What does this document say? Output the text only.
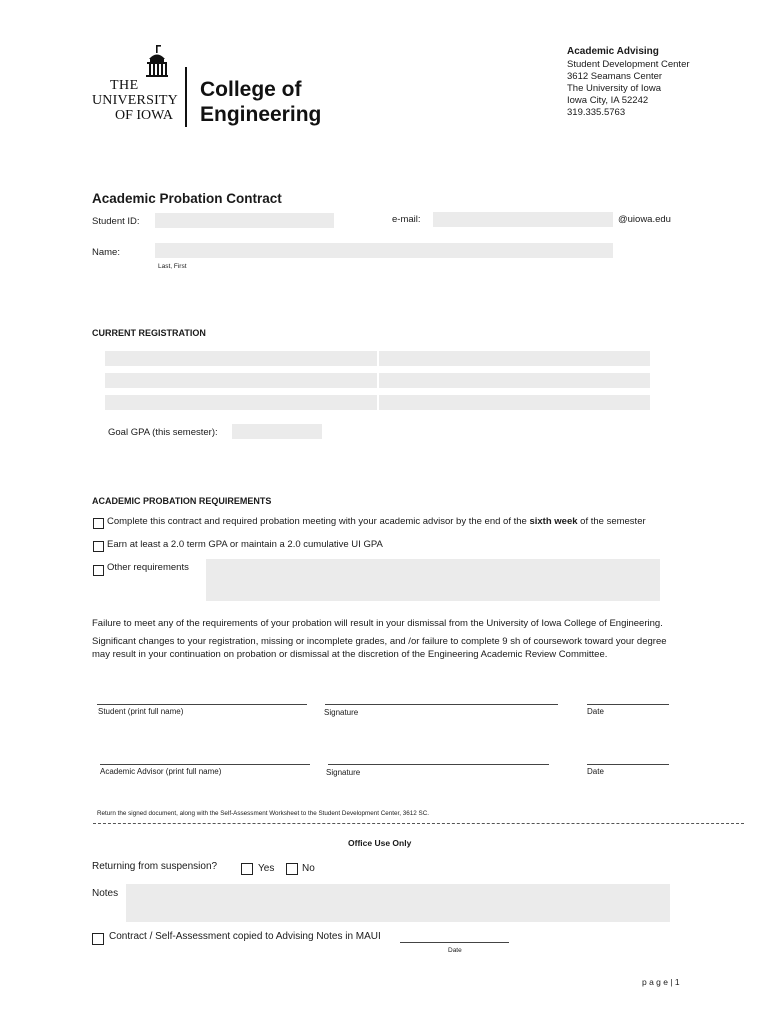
THE
UNIVERSITY
OF IOWA
College of
Engineering
Academic Advising
Student Development Center
3612 Seamans Center
The University of Iowa
Iowa City, IA 52242
319.335.5763
Academic Probation Contract
Student ID:	e-mail:	@uiowa.edu
Name:
Last, First
CURRENT REGISTRATION
Goal GPA (this semester):
ACADEMIC PROBATION REQUIREMENTS
Complete this contract and required probation meeting with your academic advisor by the end of the sixth week of the semester
Earn at least a 2.0 term GPA or maintain a 2.0 cumulative UI GPA
Other requirements
Failure to meet any of the requirements of your probation will result in your dismissal from the University of Iowa College of Engineering.
Significant changes to your registration, missing or incomplete grades, and /or failure to complete 9 sh of coursework toward your degree
may result in your continuation on probation or dismissal at the discretion of the Engineering Academic Review Committee.
Student (print full name)	Signature	Date
Academic Advisor (print full name)	Signature	Date
Return the signed document, along with the Self-Assessment Worksheet to the Student Development Center, 3612 SC.
Office Use Only
Returning from suspension?	Yes	No
Notes
Contract / Self-Assessment copied to Advising Notes in MAUI
Date
p a g e | 1
